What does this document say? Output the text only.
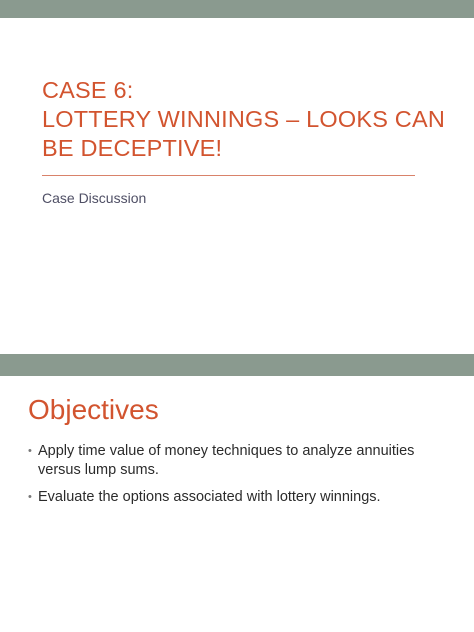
CASE 6:
LOTTERY WINNINGS – LOOKS CAN
BE DECEPTIVE!
Case Discussion
Objectives
• Apply time value of money techniques to analyze annuities versus lump sums.
• Evaluate the options associated with lottery winnings.
